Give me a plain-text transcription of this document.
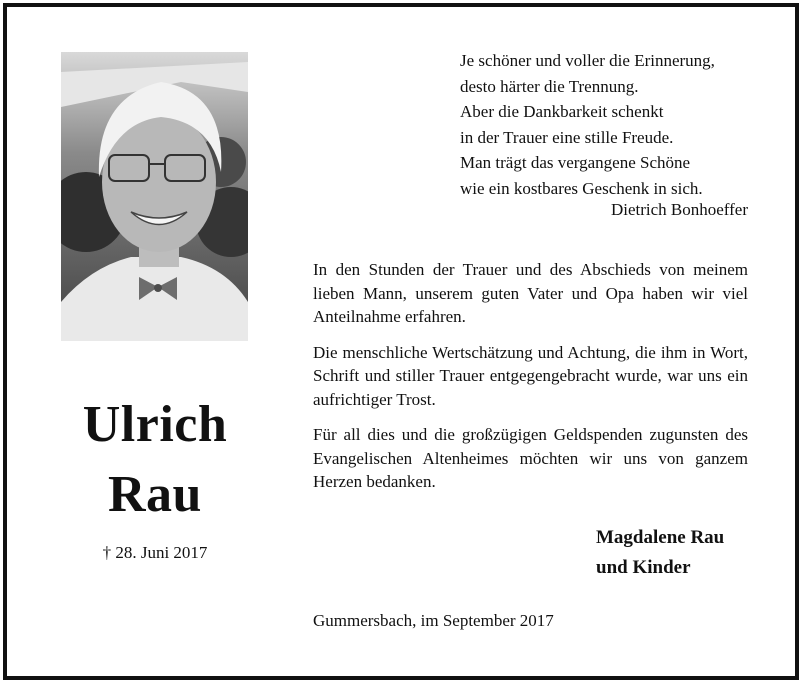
Ulrich
Rau
† 28. Juni 2017
Je schöner und voller die Erinnerung,
desto härter die Trennung.
Aber die Dankbarkeit schenkt
in der Trauer eine stille Freude.
Man trägt das vergangene Schöne
wie ein kostbares Geschenk in sich.
Dietrich Bonhoeffer

In den Stunden der Trauer und des Abschieds von meinem lieben Mann, unserem guten Vater und Opa haben wir viel Anteilnahme erfahren.

Die menschliche Wertschätzung und Achtung, die ihm in Wort, Schrift und stiller Trauer entgegengebracht wurde, war uns ein aufrichtiger Trost.

Für all dies und die großzügigen Geldspenden zugunsten des Evangelischen Altenheimes möchten wir uns von ganzem Herzen bedanken.

Magdalene Rau
und Kinder
Gummersbach, im September 2017
